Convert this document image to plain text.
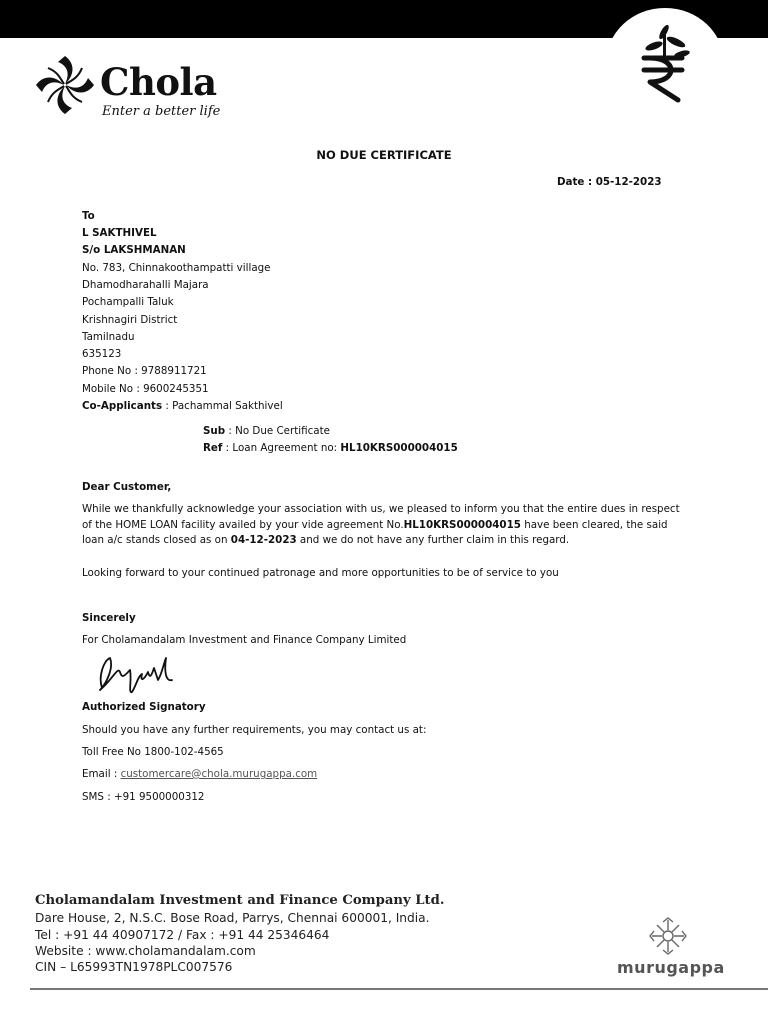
Chola
Enter a better life
NO DUE CERTIFICATE
Date : 05-12-2023
To
L SAKTHIVEL
S/o LAKSHMANAN
No. 783, Chinnakoothampatti village
Dhamodharahalli Majara
Pochampalli Taluk
Krishnagiri District
Tamilnadu
635123
Phone No : 9788911721
Mobile No : 9600245351
Co-Applicants : Pachammal Sakthivel
Sub : No Due Certificate
Ref : Loan Agreement no: HL10KRS000004015
Dear Customer,
While we thankfully acknowledge your association with us, we pleased to inform you that the entire dues in respect of the HOME LOAN facility availed by your vide agreement No.HL10KRS000004015 have been cleared, the said loan a/c stands closed as on 04-12-2023 and we do not have any further claim in this regard.
Looking forward to your continued patronage and more opportunities to be of service to you
Sincerely
For Cholamandalam Investment and Finance Company Limited
Authorized Signatory
Should you have any further requirements, you may contact us at:
Toll Free No 1800-102-4565
Email : customercare@chola.murugappa.com
SMS : +91 9500000312
Cholamandalam Investment and Finance Company Ltd.
Dare House, 2, N.S.C. Bose Road, Parrys, Chennai 600001, India.
Tel : +91 44 40907172 / Fax : +91 44 25346464
Website : www.cholamandalam.com
CIN – L65993TN1978PLC007576	murugappa
